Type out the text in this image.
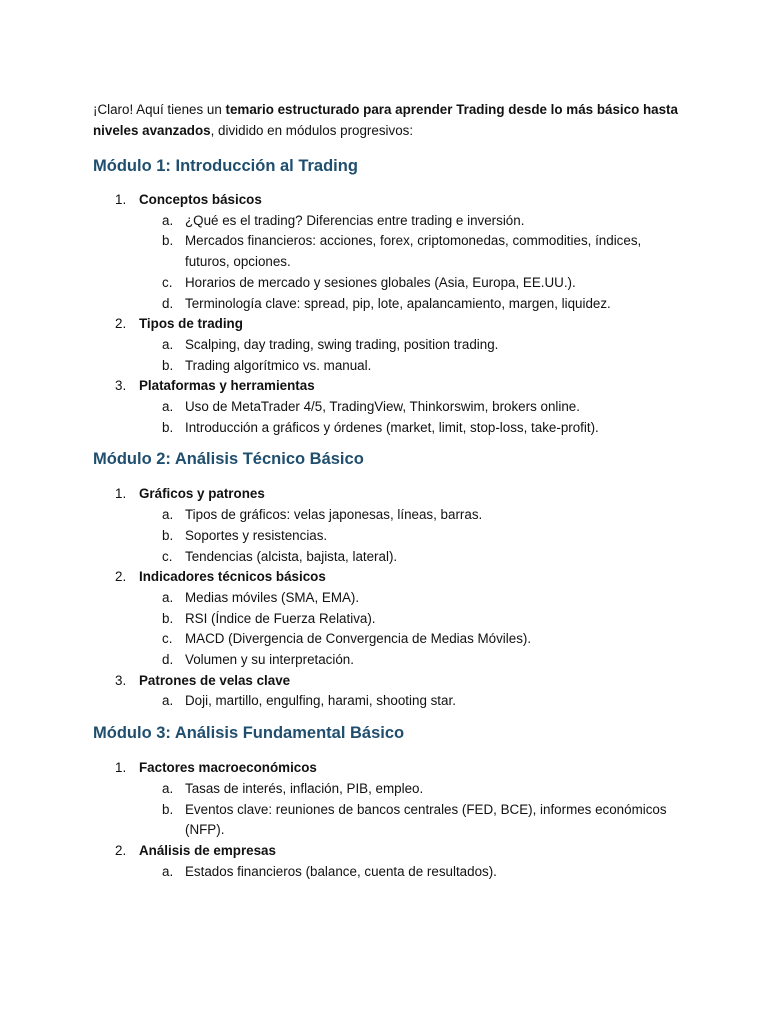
¡Claro! Aquí tienes un temario estructurado para aprender Trading desde lo más básico hasta niveles avanzados, dividido en módulos progresivos:

Módulo 1: Introducción al Trading
1. Conceptos básicos
a. ¿Qué es el trading? Diferencias entre trading e inversión.
b. Mercados financieros: acciones, forex, criptomonedas, commodities, índices, futuros, opciones.
c. Horarios de mercado y sesiones globales (Asia, Europa, EE.UU.).
d. Terminología clave: spread, pip, lote, apalancamiento, margen, liquidez.
2. Tipos de trading
a. Scalping, day trading, swing trading, position trading.
b. Trading algorítmico vs. manual.
3. Plataformas y herramientas
a. Uso de MetaTrader 4/5, TradingView, Thinkorswim, brokers online.
b. Introducción a gráficos y órdenes (market, limit, stop-loss, take-profit).
Módulo 2: Análisis Técnico Básico
1. Gráficos y patrones
a. Tipos de gráficos: velas japonesas, líneas, barras.
b. Soportes y resistencias.
c. Tendencias (alcista, bajista, lateral).
2. Indicadores técnicos básicos
a. Medias móviles (SMA, EMA).
b. RSI (Índice de Fuerza Relativa).
c. MACD (Divergencia de Convergencia de Medias Móviles).
d. Volumen y su interpretación.
3. Patrones de velas clave
a. Doji, martillo, engulfing, harami, shooting star.
Módulo 3: Análisis Fundamental Básico
1. Factores macroeconómicos
a. Tasas de interés, inflación, PIB, empleo.
b. Eventos clave: reuniones de bancos centrales (FED, BCE), informes económicos (NFP).
2. Análisis de empresas
a. Estados financieros (balance, cuenta de resultados).
